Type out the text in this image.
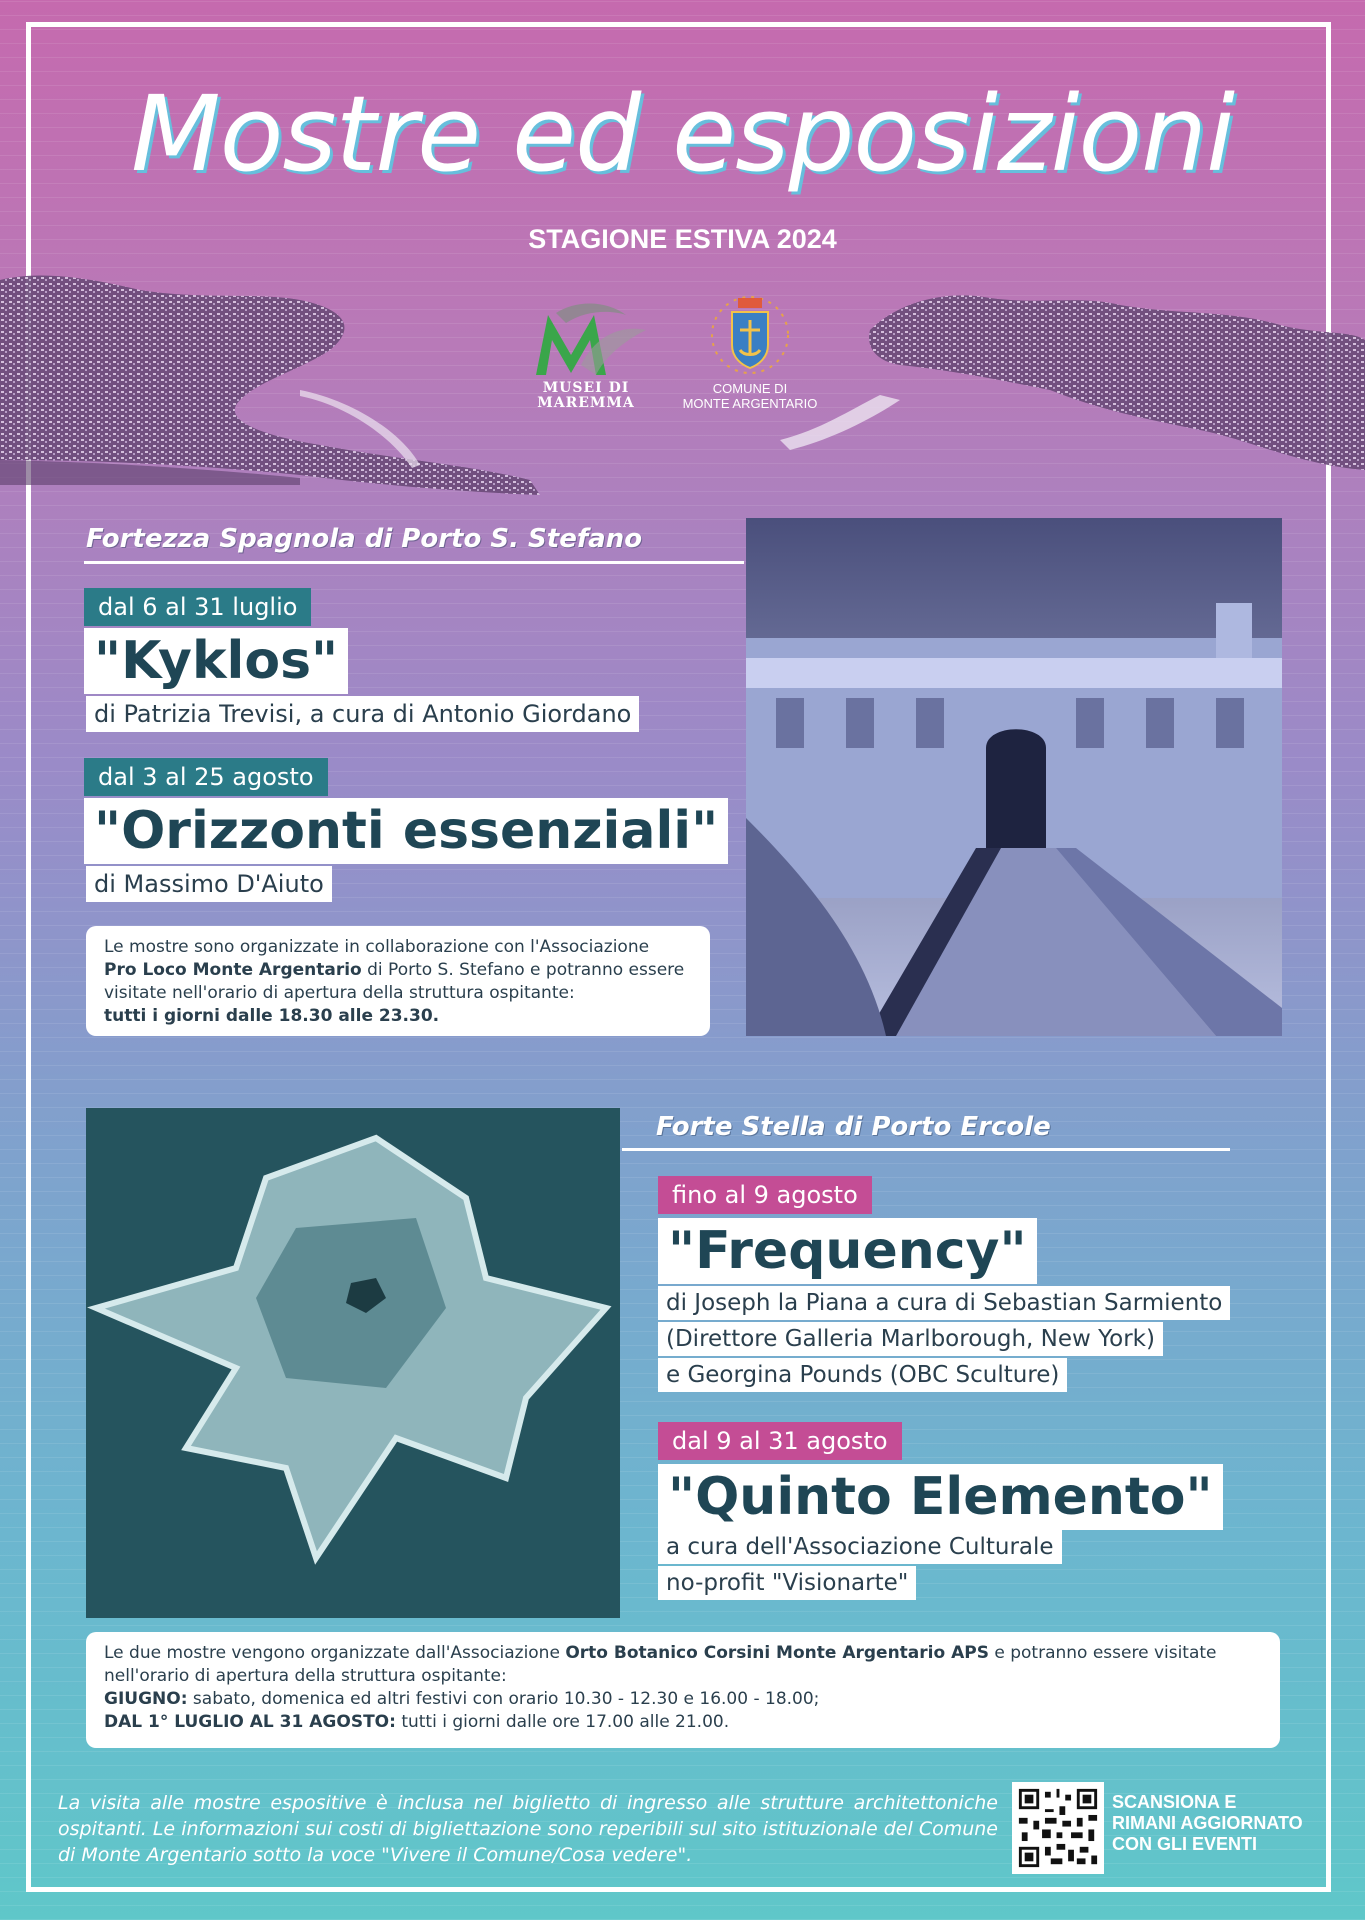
Mostre ed esposizioni
STAGIONE ESTIVA 2024
MUSEI DI
MAREMMA
COMUNE DI
MONTE ARGENTARIO
Fortezza Spagnola di Porto S. Stefano
dal 6 al 31 luglio
"Kyklos"
di Patrizia Trevisi, a cura di Antonio Giordano
dal 3 al 25 agosto
"Orizzonti essenziali"
di Massimo D'Aiuto
Le mostre sono organizzate in collaborazione con l'Associazione
Pro Loco Monte Argentario di Porto S. Stefano e potranno essere visitate nell'orario di apertura della struttura ospitante:
tutti i giorni dalle 18.30 alle 23.30.
Forte Stella di Porto Ercole
fino al 9 agosto
"Frequency"
di Joseph la Piana a cura di Sebastian Sarmiento
(Direttore Galleria Marlborough, New York)
e Georgina Pounds (OBC Sculture)
dal 9 al 31 agosto
"Quinto Elemento"
a cura dell'Associazione Culturale
no-profit "Visionarte"
Le due mostre vengono organizzate dall'Associazione Orto Botanico Corsini Monte Argentario APS e potranno essere visitate nell'orario di apertura della struttura ospitante:
GIUGNO: sabato, domenica ed altri festivi con orario 10.30 - 12.30 e 16.00 - 18.00;
DAL 1° LUGLIO AL 31 AGOSTO: tutti i giorni dalle ore 17.00 alle 21.00.
La visita alle mostre espositive è inclusa nel biglietto di ingresso alle strutture architettoniche ospitanti. Le informazioni sui costi di bigliettazione sono reperibili sul sito istituzionale del Comune di Monte Argentario sotto la voce "Vivere il Comune/Cosa vedere".
SCANSIONA E
RIMANI AGGIORNATO
CON GLI EVENTI
